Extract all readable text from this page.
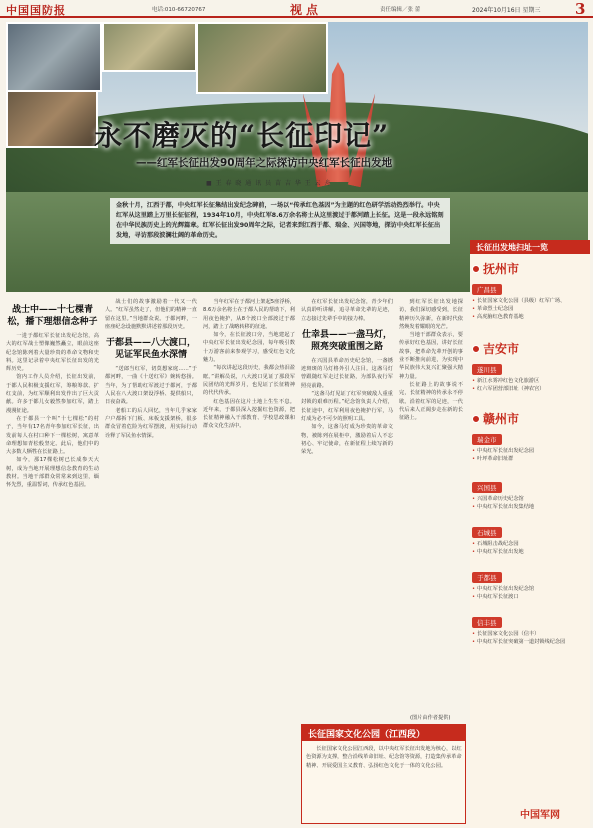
中国国防报	电话:010-66720767	视点	责任编辑／张 蕾	2024年10月16日 星期三 3
永不磨灭的“长征印记”
——红军长征出发90周年之际探访中央红军长征出发地
■ 王 春 晓 通 讯 员 苗 吉 华 王 云 舟
金秋十月，江西于都，中央红军长征集结出发纪念碑前，一场以“传承红色基因”为主题的红色研学活动热烈举行。中央红军从这里踏上万里长征征程，1934年10月，中央红军8.6万余名将士从这里渡过于都河踏上长征。这是一段永远铭刻在中华民族历史上的光辉篇章。红军长征出发90周年之际，记者来到江西于都、瑞金、兴国等地，探访中央红军长征出发地，寻访那段波澜壮阔的革命历史。
战士中——十七棵青松，播下理想信念种子

一进于都红军长征出发纪念馆，高大的红军战士塑像巍然矗立，眼前这座纪念馆陈列着大量珍贵的革命文物和史料。这里记录着中央红军长征出发的光辉历史。

馆内工作人员介绍，长征出发前，于都人民积极支援红军，筹粮筹款、扩红支前，为红军顺利出发作出了巨大贡献。许多于都儿女毅然参加红军，踏上漫漫征途。

在于都县一个叫“十七棵松”的村子，当年有17名青年参加红军长征，出发前每人在村口种下一棵松树，寓意革命理想如青松般坚定。此后，他们中的大多数人牺牲在长征路上。

如今，那17棵松树已长成参天大树，成为当地开展理想信念教育的生动教材。当地干部群众常常来到这里，缅怀先烈，重温誓词，传承红色基因。

战士们的故事激励着一代又一代人。“红军虽然走了，但他们的精神一直留在这里。”当地群众说。于都河畔，一座座纪念设施默默讲述着那段历史。

于都县——八大渡口，见证军民鱼水深情

“送郎当红军，切莫想家庭……”于都河畔，一曲《十送红军》婉转悠扬。当年，为了帮助红军渡过于都河，于都人民在八大渡口架设浮桥、提供船只，日夜奋战。

老船工的后人回忆，当年几乎家家户户都拆下门板、床板支援架桥，很多群众冒着危险为红军摆渡，用实际行动诠释了军民鱼水情深。

当年红军在于都河上架起5座浮桥，8.6万余名将士在于都人民的帮助下，利用夜色掩护，从8个渡口全部渡过于都河，踏上了战略转移的征途。

如今，在长征渡口旁，当地建起了中央红军长征出发纪念园，每年吸引数十万游客前来参观学习，感受红色文化魅力。

“每次讲起这段历史，我都会热泪盈眶。”讲解员说，八大渡口见证了那段军民团结的光辉岁月，也见证了长征精神的代代传承。

红色基因在这片土地上生生不息。近年来，于都县深入挖掘红色资源，把长征精神融入干部教育、学校思政课和群众文化生活中。

在红军长征出发纪念馆，青少年们认真聆听讲解，追寻革命先辈的足迹，立志接过先辈手中的接力棒。

仕幸县——一盏马灯，照亮突破重围之路

在兴国县革命历史纪念馆，一盏锈迹斑斑的马灯格外引人注目。这盏马灯曾跟随红军走过长征路，为部队夜行军照亮前路。

“这盏马灯见证了红军突破敌人重重封锁的艰难历程。”纪念馆负责人介绍，长征途中，红军利用夜色掩护行军，马灯成为必不可少的照明工具。

如今，这盏马灯成为珍贵的革命文物，被陈列在展柜中，激励着后人不忘初心、牢记使命，在新征程上续写新的荣光。

到红军长征出发地探访，我们深切感受到，长征精神历久弥新，在新时代依然焕发着耀眼的光芒。

当地干部群众表示，要传承好红色基因，讲好长征故事，把革命先辈开创的事业不断推向前进，为实现中华民族伟大复兴汇聚强大精神力量。

长征路上的故事说不完，长征精神的传承永不停歇。沿着红军的足迹，一代代后来人正阔步走在新的长征路上。

(图片由作者提供)
长征出发地扫址一览
抚州市
广昌县
• 长征国家文化公园（县级）红军广场、
• 革命烈士纪念园
• 高虎脑红色教育基地
吉安市
遂川县
• 新江水雾冲红色文化旅游区
• 红六军团营部旧址（神农宫）
赣州市
瑞金市
• 中央红军长征出发纪念园
• 叶坪革命旧址群
兴国县
• 兴国革命历史纪念馆
• 中央红军长征出发集结地
石城县
• 石城阻击战纪念园
• 中央红军长征出发地
于都县
• 中央红军长征出发纪念馆
• 中央红军长征渡口
信丰县
• 长征国家文化公园（信丰）
• 中央红军长征突破第一道封锁线纪念园
长征国家文化公园（江西段）
长征国家文化公园江西段，以中央红军长征出发地为核心，以红色资源为支撑，整合沿线革命旧址、纪念馆等资源，打造集传承革命精神、开展爱国主义教育、弘扬红色文化于一体的文化公园。
中国军网
